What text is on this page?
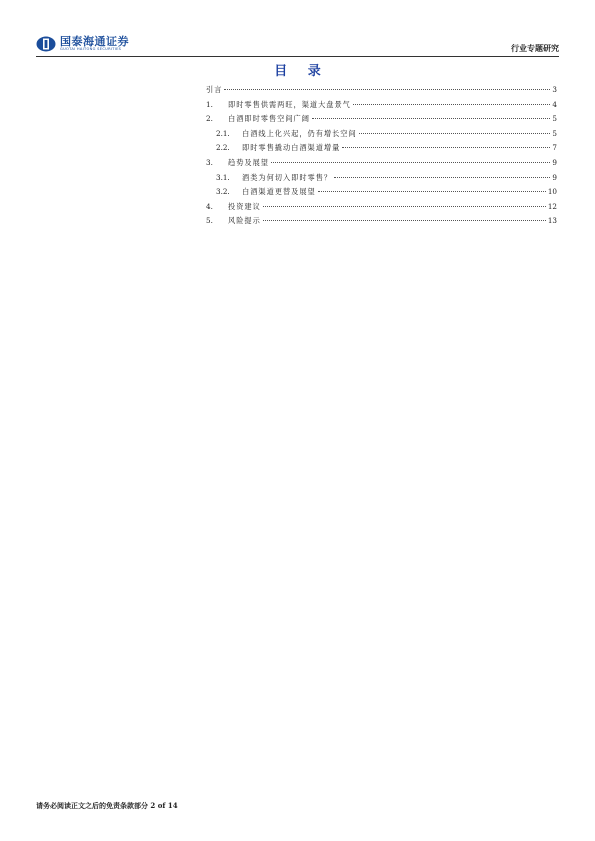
国泰海通证券
GUOTAI HAITONG SECURITIES	行业专题研究
目 录
引言	3
1.	即时零售供需两旺，渠道大盘景气	4
2.	白酒即时零售空间广阔	5
2.1.	白酒线上化兴起，仍有增长空间	5
2.2.	即时零售撬动白酒渠道增量	7
3.	趋势及展望	9
3.1.	酒类为何切入即时零售？	9
3.2.	白酒渠道更替及展望	10
4.	投资建议	12
5.	风险提示	13
请务必阅读正文之后的免责条款部分 2 of 14
